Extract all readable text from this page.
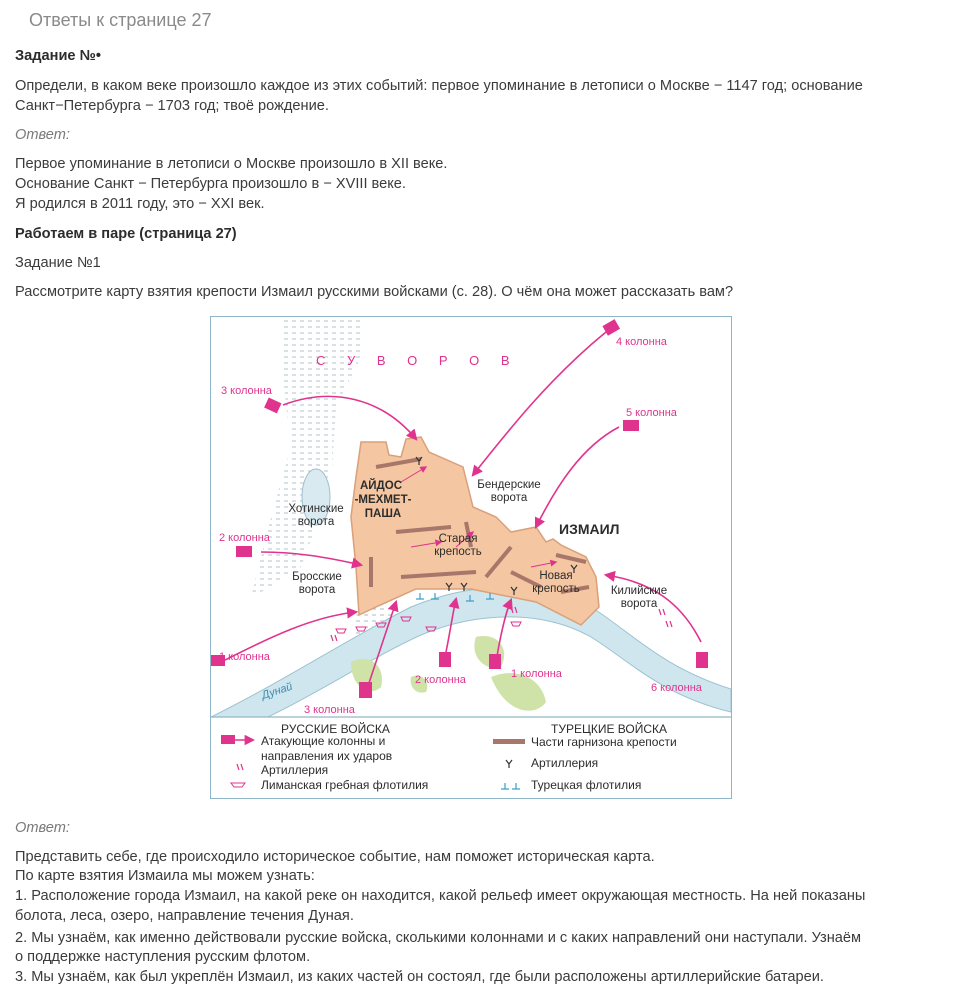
Ответы к странице 27
Задание №•
Определи, в каком веке произошло каждое из этих событий: первое упоминание в летописи о Москве − 1147 год; основание
Санкт−Петербурга − 1703 год; твоё рождение.
Ответ:
Первое упоминание в летописи о Москве произошло в XII веке.
Основание Санкт − Петербурга произошло в − XVIII веке.
Я родился в 2011 году, это − XXI век.
Работаем в паре (страница 27)
Задание №1
Рассмотрите карту взятия крепости Измаил русскими войсками (с. 28). О чём она может рассказать вам?
Ответ:
Представить себе, где происходило историческое событие, нам поможет историческая карта.
По карте взятия Измаила мы можем узнать:
1. Расположение города Измаил, на какой реке он находится, какой рельеф имеет окружающая местность. На ней показаны
болота, леса, озеро, направление течения Дуная.
2. Мы узнаём, как именно действовали русские войска, сколькими колоннами и с каких направлений они наступали. Узнаём
о поддержке наступления русским флотом.
3. Мы узнаём, как был укреплён Измаил, из каких частей он состоял, где были расположены артиллерийские батареи.
С У В О Р О В
АЙДОС
-МЕХМЕТ-
ПАША
ИЗМАИЛ
Старая
крепость
Новая
крепость
Бендерские
ворота
Хотинские
ворота
Бросские
ворота	Килийские
ворота
Дунай
1 колонна
2 колонна
3 колонна
4 колонна
5 колонна
6 колонна
1 колонна
2 колонна
3 колонна
РУССКИЕ ВОЙСКА	ТУРЕЦКИЕ ВОЙСКА
Атакующие колонны и
направления их ударов
Артиллерия
Лиманская гребная флотилия
Части гарнизона крепости
Артиллерия
Турецкая флотилия
